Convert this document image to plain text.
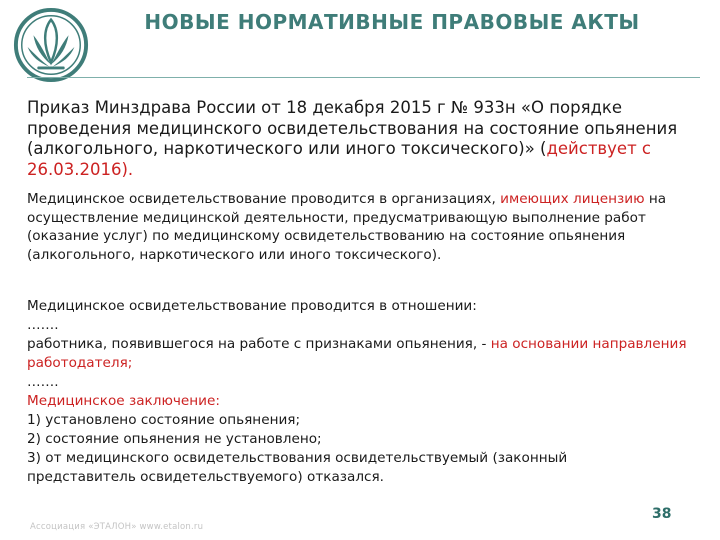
НОВЫЕ НОРМАТИВНЫЕ ПРАВОВЫЕ АКТЫ
Приказ Минздрава России от 18 декабря 2015 г № 933н «О порядке проведения медицинского освидетельствования на состояние опьянения (алкогольного, наркотического или иного токсического)» (действует с 26.03.2016).
Медицинское освидетельствование проводится в организациях, имеющих лицензию на осуществление медицинской деятельности, предусматривающую выполнение работ (оказание услуг) по медицинскому освидетельствованию на состояние опьянения (алкогольного, наркотического или иного токсического).
Медицинское освидетельствование проводится в отношении:
…….
работника, появившегося на работе с признаками опьянения, - на основании направления работодателя;
…….
Медицинское заключение:
1) установлено состояние опьянения;
2) состояние опьянения не установлено;
3) от медицинского освидетельствования освидетельствуемый (законный представитель освидетельствуемого) отказался.
Ассоциация «ЭТАЛОН» www.etalon.ru
38
